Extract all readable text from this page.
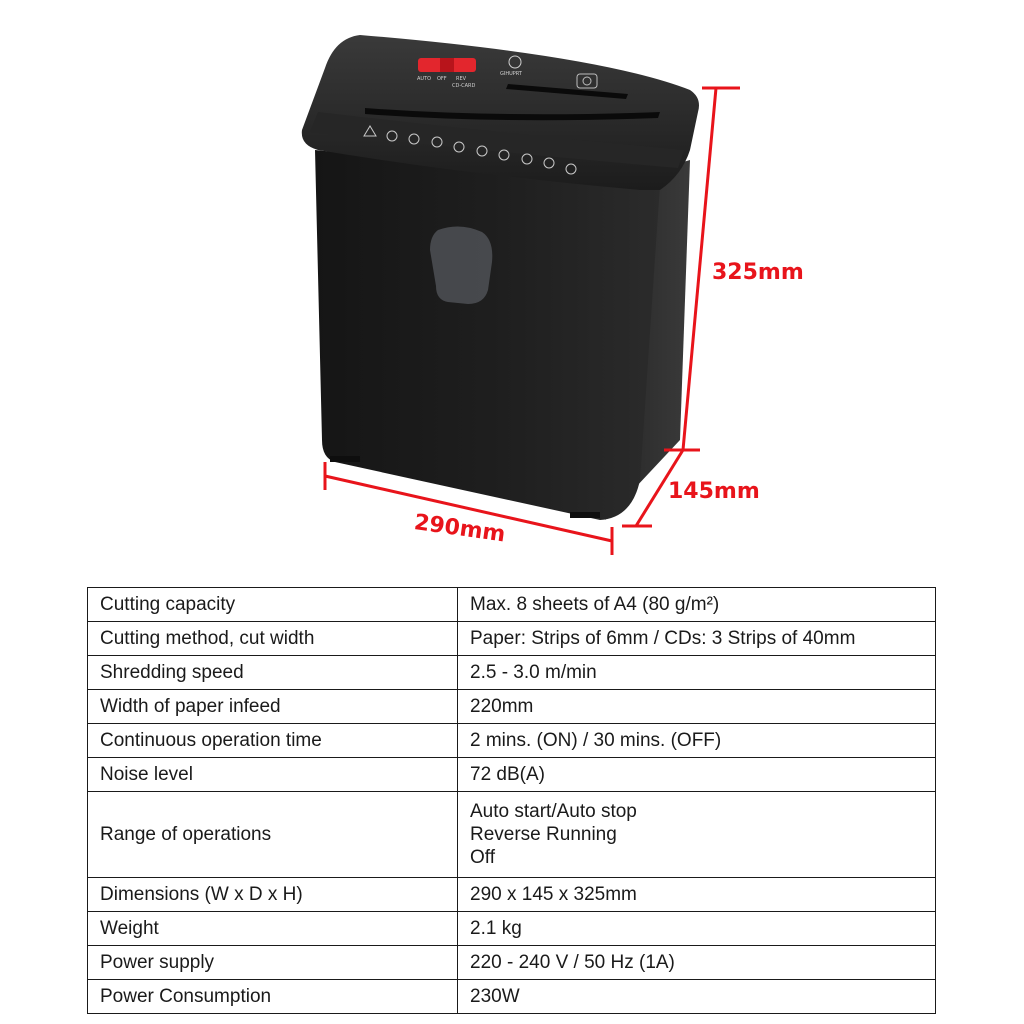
AUTO OFF REV
CD-CARD
GIHUPRT
325mm
145mm
290mm
Cutting capacity	Max. 8 sheets of A4 (80 g/m²)
Cutting method, cut width	Paper: Strips of 6mm / CDs: 3 Strips of 40mm
Shredding speed	2.5 - 3.0 m/min
Width of paper infeed	220mm
Continuous operation time	2 mins. (ON) / 30 mins. (OFF)
Noise level	72 dB(A)
Range of operations	Auto start/Auto stop
Reverse Running
Off

Dimensions (W x D x H)	290 x 145 x 325mm
Weight	2.1 kg
Power supply	220 - 240 V / 50 Hz (1A)
Power Consumption	230W
